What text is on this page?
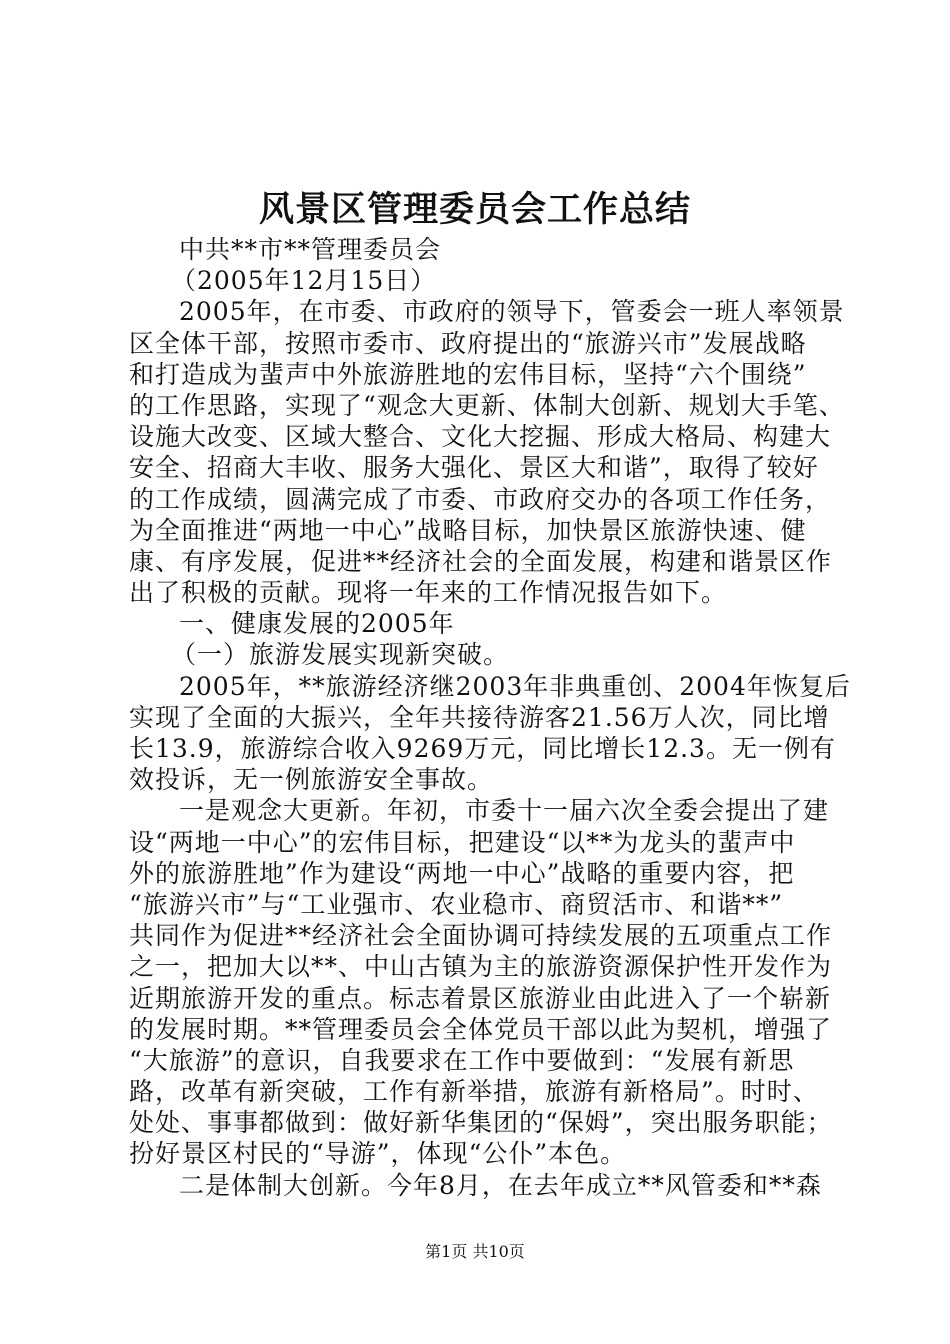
风景区管理委员会工作总结
中共**市**管理委员会
（2005年12月15日）
2005年，在市委、市政府的领导下，管委会一班人率领景
区全体干部，按照市委市、政府提出的“旅游兴市”发展战略
和打造成为蜚声中外旅游胜地的宏伟目标，坚持“六个围绕”
的工作思路，实现了“观念大更新、体制大创新、规划大手笔、
设施大改变、区域大整合、文化大挖掘、形成大格局、构建大
安全、招商大丰收、服务大强化、景区大和谐”，取得了较好
的工作成绩，圆满完成了市委、市政府交办的各项工作任务，
为全面推进“两地一中心”战略目标，加快景区旅游快速、健
康、有序发展，促进**经济社会的全面发展，构建和谐景区作
出了积极的贡献。现将一年来的工作情况报告如下。
一、健康发展的2005年
（一）旅游发展实现新突破。
2005年，**旅游经济继2003年非典重创、2004年恢复后
实现了全面的大振兴，全年共接待游客21.56万人次，同比增
长13.9，旅游综合收入9269万元，同比增长12.3。无一例有
效投诉，无一例旅游安全事故。
一是观念大更新。年初，市委十一届六次全委会提出了建
设“两地一中心”的宏伟目标，把建设“以**为龙头的蜚声中
外的旅游胜地”作为建设“两地一中心”战略的重要内容，把
“旅游兴市”与“工业强市、农业稳市、商贸活市、和谐**”
共同作为促进**经济社会全面协调可持续发展的五项重点工作
之一，把加大以**、中山古镇为主的旅游资源保护性开发作为
近期旅游开发的重点。标志着景区旅游业由此进入了一个崭新
的发展时期。**管理委员会全体党员干部以此为契机，增强了
“大旅游”的意识，自我要求在工作中要做到：“发展有新思
路，改革有新突破，工作有新举措，旅游有新格局”。时时、
处处、事事都做到：做好新华集团的“保姆”，突出服务职能；
扮好景区村民的“导游”，体现“公仆”本色。
二是体制大创新。今年8月，在去年成立**风管委和**森
第1页 共10页
